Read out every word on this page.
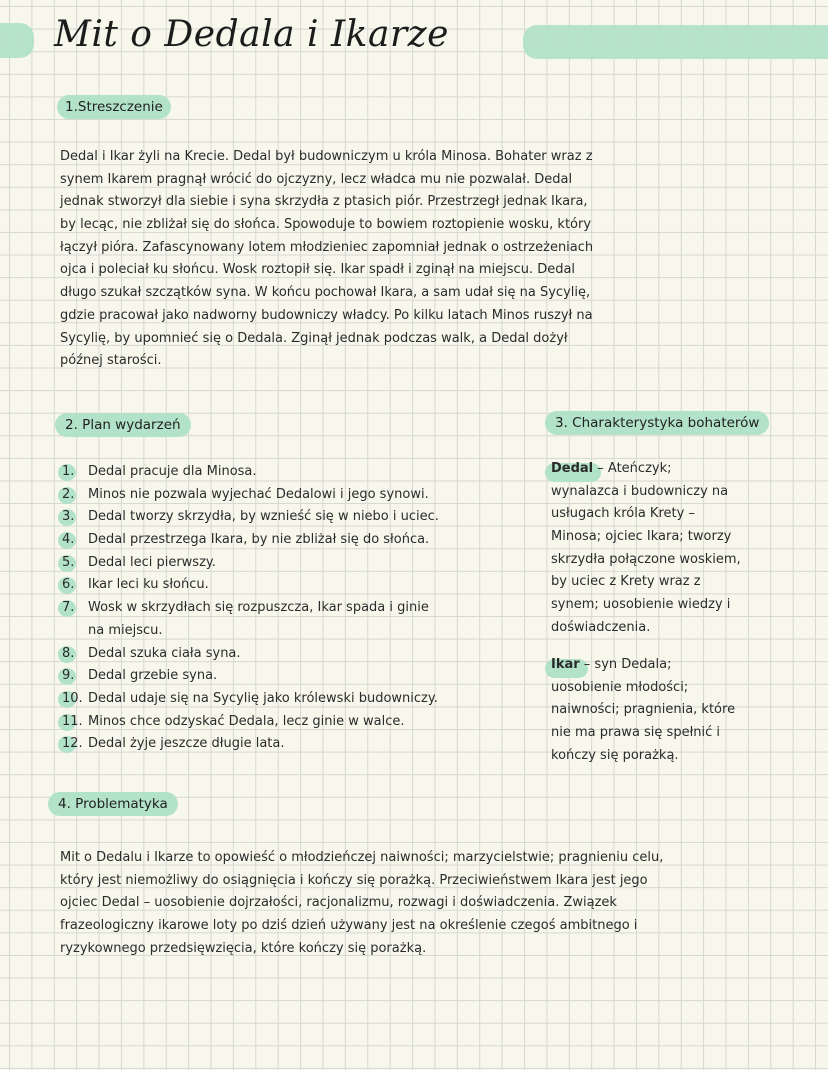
Mit o Dedala i Ikarze
1.Streszczenie
Dedal i Ikar żyli na Krecie. Dedal był budowniczym u króla Minosa. Bohater wraz z
synem Ikarem pragnął wrócić do ojczyzny, lecz władca mu nie pozwalał. Dedal
jednak stworzył dla siebie i syna skrzydła z ptasich piór. Przestrzegł jednak Ikara,
by lecąc, nie zbliżał się do słońca. Spowoduje to bowiem roztopienie wosku, który
łączył pióra. Zafascynowany lotem młodzieniec zapomniał jednak o ostrzeżeniach
ojca i poleciał ku słońcu. Wosk roztopił się. Ikar spadł i zginął na miejscu. Dedal
długo szukał szczątków syna. W końcu pochował Ikara, a sam udał się na Sycylię,
gdzie pracował jako nadworny budowniczy władcy. Po kilku latach Minos ruszył na
Sycylię, by upomnieć się o Dedala. Zginął jednak podczas walk, a Dedal dożył
późnej starości.
2. Plan wydarzeń
1. Dedal pracuje dla Minosa.
2. Minos nie pozwala wyjechać Dedalowi i jego synowi.
3. Dedal tworzy skrzydła, by wznieść się w niebo i uciec.
4. Dedal przestrzega Ikara, by nie zbliżał się do słońca.
5. Dedal leci pierwszy.
6. Ikar leci ku słońcu.
7. Wosk w skrzydłach się rozpuszcza, Ikar spada i ginie
na miejscu.
8. Dedal szuka ciała syna.
9. Dedal grzebie syna.
10. Dedal udaje się na Sycylię jako królewski budowniczy.
11. Minos chce odzyskać Dedala, lecz ginie w walce.
12. Dedal żyje jeszcze długie lata.
3. Charakterystyka bohaterów
Dedal – Ateńczyk;
wynalazca i budowniczy na
usługach króla Krety –
Minosa; ojciec Ikara; tworzy
skrzydła połączone woskiem,
by uciec z Krety wraz z
synem; uosobienie wiedzy i
doświadczenia.
Ikar – syn Dedala;
uosobienie młodości;
naiwności; pragnienia, które
nie ma prawa się spełnić i
kończy się porażką.
4. Problematyka
Mit o Dedalu i Ikarze to opowieść o młodzieńczej naiwności; marzycielstwie; pragnieniu celu,
który jest niemożliwy do osiągnięcia i kończy się porażką. Przeciwieństwem Ikara jest jego
ojciec Dedal – uosobienie dojrzałości, racjonalizmu, rozwagi i doświadczenia. Związek
frazeologiczny ikarowe loty po dziś dzień używany jest na określenie czegoś ambitnego i
ryzykownego przedsięwzięcia, które kończy się porażką.
